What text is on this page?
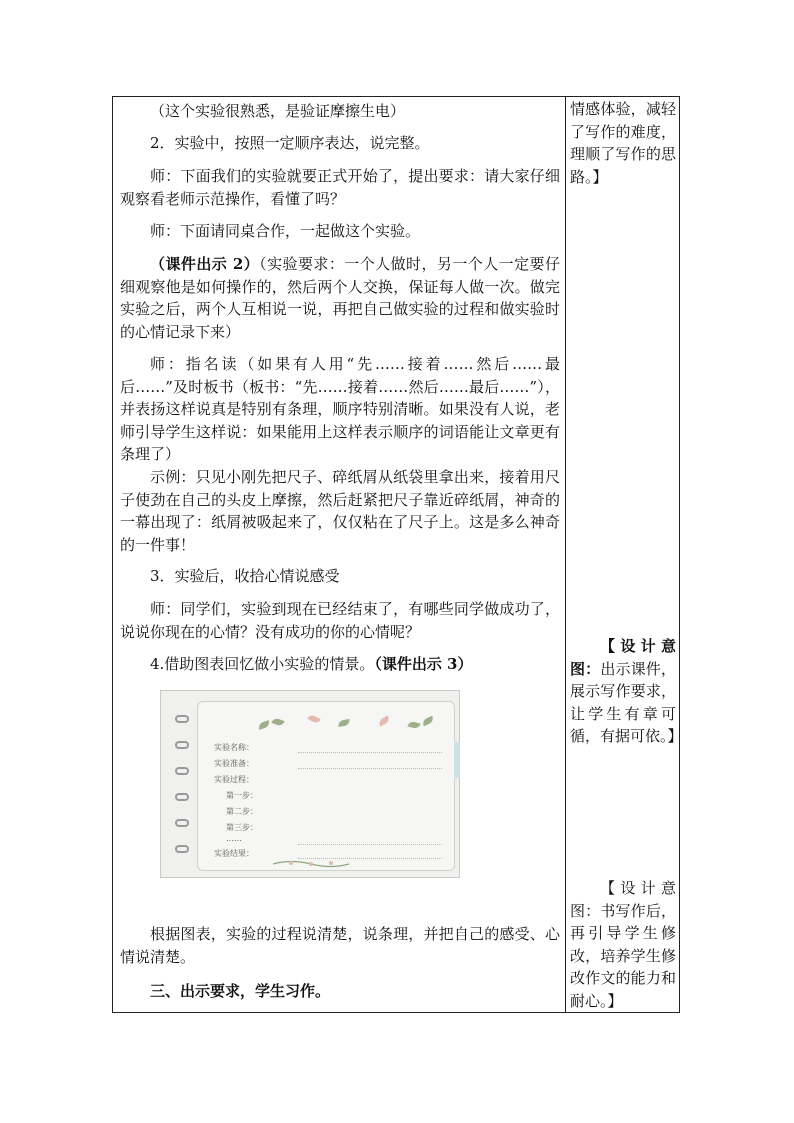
（这个实验很熟悉，是验证摩擦生电）

2．实验中，按照一定顺序表达，说完整。

师：下面我们的实验就要正式开始了，提出要求：请大家仔细观察看老师示范操作，看懂了吗？

师：下面请同桌合作，一起做这个实验。

（课件出示 2）（实验要求：一个人做时，另一个人一定要仔细观察他是如何操作的，然后两个人交换，保证每人做一次。做完实验之后，两个人互相说一说，再把自己做实验的过程和做实验时的心情记录下来）

师：指名读（如果有人用“先……接着……然后……最后……”及时板书（板书：“先……接着……然后……最后……”），并表扬这样说真是特别有条理，顺序特别清晰。如果没有人说，老师引导学生这样说：如果能用上这样表示顺序的词语能让文章更有条理了）

示例：只见小刚先把尺子、碎纸屑从纸袋里拿出来，接着用尺子使劲在自己的头皮上摩擦，然后赶紧把尺子靠近碎纸屑，神奇的一幕出现了：纸屑被吸起来了，仅仅粘在了尺子上。这是多么神奇的一件事！

3．实验后，收拾心情说感受

师：同学们，实验到现在已经结束了，有哪些同学做成功了，说说你现在的心情？没有成功的你的心情呢？

4.借助图表回忆做小实验的情景。（课件出示 3）

实验名称：
实验准备：
实验过程：
第一步：
第二步：
第三步：
……
实验结果：

根据图表，实验的过程说清楚，说条理，并把自己的感受、心情说清楚。

三、出示要求，学生习作。

情感体验，减轻了写作的难度，理顺了写作的思路。】

【设计意图：出示课件，展示写作要求，让学生有章可循，有据可依。】

【设计意图：书写作后，再引导学生修改，培养学生修改作文的能力和耐心。】
